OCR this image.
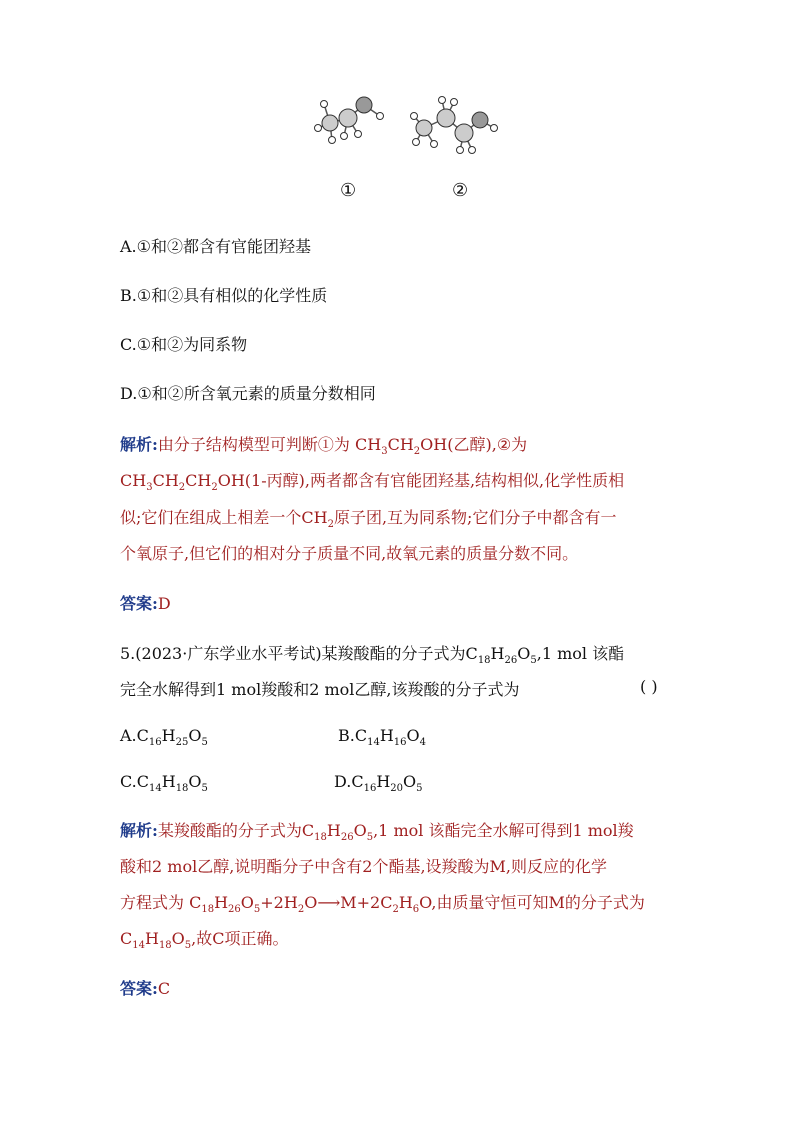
①	②
A.①和②都含有官能团羟基
B.①和②具有相似的化学性质
C.①和②为同系物
D.①和②所含氧元素的质量分数相同
解析:由分子结构模型可判断①为 $CH_3CH_2OH$(乙醇),②为
$CH_3CH_2CH_2OH(1-$丙醇),两者都含有官能团羟基,结构相似,化学性质相
似;它们在组成上相差一个$CH_2$原子团,互为同系物;它们分子中都含有一
个氧原子,但它们的相对分子质量不同,故氧元素的质量分数不同。
答案:D
5.(2023·广东学业水平考试)某羧酸酯的分子式为$C_{18}H_{26}O_5,1$ mol 该酯
完全水解得到1 mol羧酸和2 mol乙醇,该羧酸的分子式为	( )
$A.C_{16}H_{25}O_5$	$B.C_{14}H_{16}O_4$
$C.C_{14}H_{18}O_5$	$D.C_{16}H_{20}O_5$
解析:某羧酸酯的分子式为$C_{18}H_{26}O_5,1$ mol 该酯完全水解可得到1 mol羧
酸和2 mol乙醇,说明酯分子中含有2个酯基,设羧酸为M,则反应的化学
方程式为 $C_{18}H_{26}O_5+2H_2O⟶M+2C_2H_6O$,由质量守恒可知M的分子式为
$C_{14}H_{18}O_5$,故C项正确。
答案:C
